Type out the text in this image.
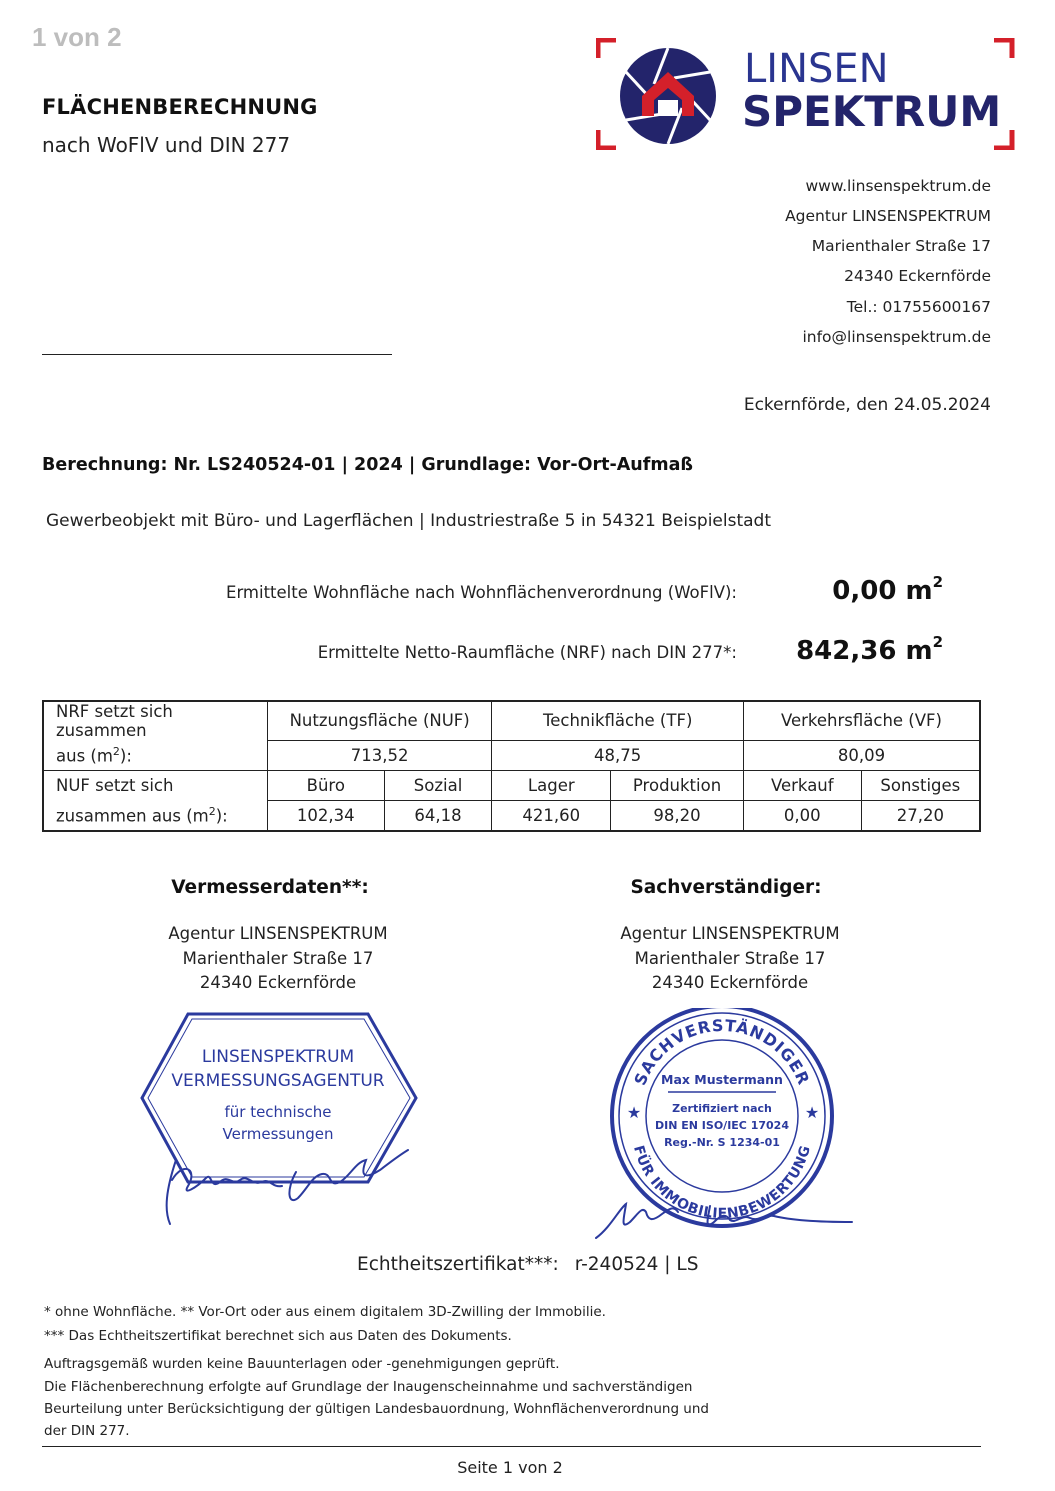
1 von 2
FLÄCHENBERECHNUNG
nach WoFlV und DIN 277
LINSEN
SPEKTRUM
www.linsenspektrum.de
Agentur LINSENSPEKTRUM
Marienthaler Straße 17
24340 Eckernförde
Tel.: 01755600167
info@linsenspektrum.de
Eckernförde, den 24.05.2024
Berechnung: Nr. LS240524-01 | 2024 | Grundlage: Vor-Ort-Aufmaß
Gewerbeobjekt mit Büro- und Lagerflächen | Industriestraße 5 in 54321 Beispielstadt
Ermittelte Wohnfläche nach Wohnflächenverordnung (WoFlV):	0,00 $m^2$
Ermittelte Netto-Raumfläche (NRF) nach DIN 277*: 842,36 $m^2$
NRF setzt sich zusammen	Nutzungsfläche (NUF)		Technikfläche (TF)		Verkehrsfläche (VF)	
aus $(m^2)$:	713,52		48,75		80,09	
NUF setzt sich	Büro	Sozial	Lager	Produktion	Verkauf	Sonstiges
zusammen aus $(m^2)$:	102,34	64,18	421,60	98,20	0,00	27,20
Vermesserdaten**:
Agentur LINSENSPEKTRUM
Marienthaler Straße 17
24340 Eckernförde
Sachverständiger:
Agentur LINSENSPEKTRUM
Marienthaler Straße 17
24340 Eckernförde
LINSENSPEKTRUM
VERMESSUNGSAGENTUR
für technische
Vermessungen
SACHVERSTÄNDIGER
FÜR IMMOBILIENBEWERTUNG
★	★
Max Mustermann
Zertifiziert nach
DIN EN ISO/IEC 17024
Reg.-Nr. S 1234-01
Echtheitszertifikat***: r-240524 | LS
* ohne Wohnfläche. ** Vor-Ort oder aus einem digitalem 3D-Zwilling der Immobilie.
*** Das Echtheitszertifikat berechnet sich aus Daten des Dokuments.
Auftragsgemäß wurden keine Bauunterlagen oder -genehmigungen geprüft.
Die Flächenberechnung erfolgte auf Grundlage der Inaugenscheinnahme und sachverständigen
Beurteilung unter Berücksichtigung der gültigen Landesbauordnung, Wohnflächenverordnung und
der DIN 277.
Seite 1 von 2
